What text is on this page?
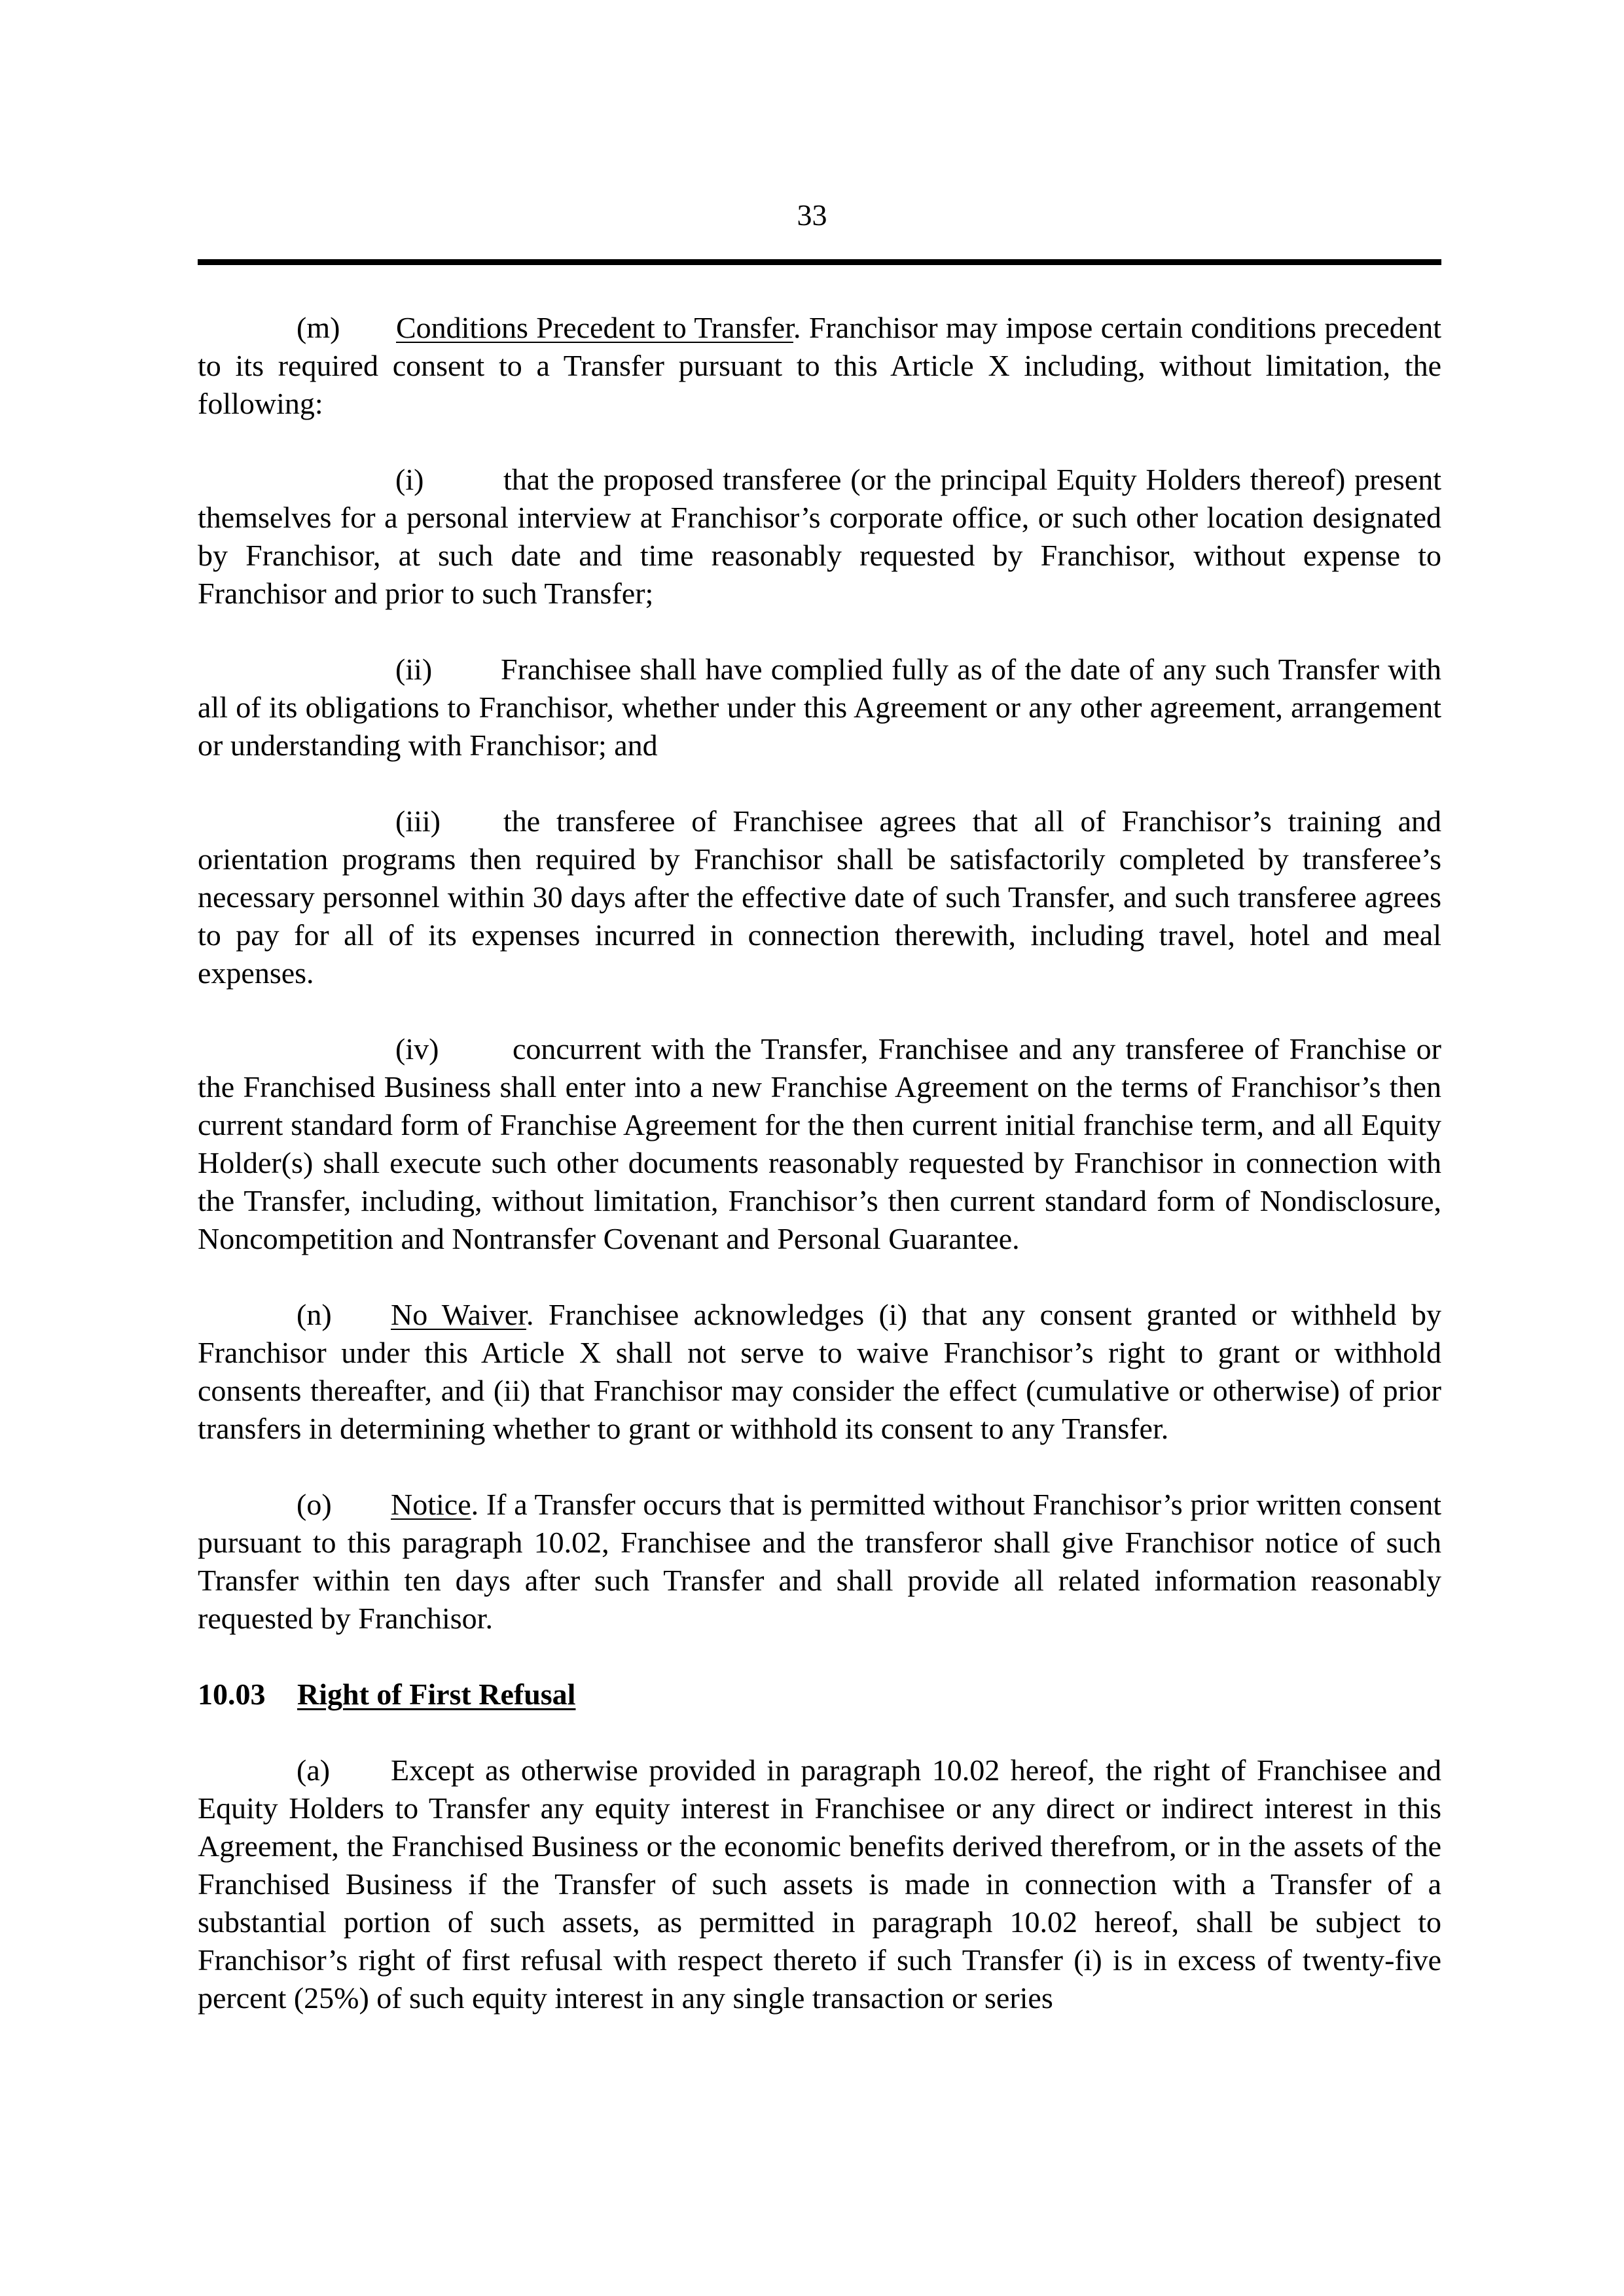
33

(m) Conditions Precedent to Transfer. Franchisor may impose certain conditions precedent to its required consent to a Transfer pursuant to this Article X including, without limitation, the following:

(i)	that the proposed transferee (or the principal Equity Holders thereof) present themselves for a personal interview at Franchisor’s corporate office, or such other location designated by Franchisor, at such date and time reasonably requested by Franchisor, without expense to Franchisor and prior to such Transfer;

(ii) Franchisee shall have complied fully as of the date of any such Transfer with all of its obligations to Franchisor, whether under this Agreement or any other agreement, arrangement or understanding with Franchisor; and

(iii) the transferee of Franchisee agrees that all of Franchisor’s training and orientation programs then required by Franchisor shall be satisfactorily completed by transferee’s necessary personnel within 30 days after the effective date of such Transfer, and such transferee agrees to pay for all of its expenses incurred in connection therewith, including travel, hotel and meal expenses.

(iv) concurrent with the Transfer, Franchisee and any transferee of Franchise or the Franchised Business shall enter into a new Franchise Agreement on the terms of Franchisor’s then current standard form of Franchise Agreement for the then current initial franchise term, and all Equity Holder(s) shall execute such other documents reasonably requested by Franchisor in connection with the Transfer, including, without limitation, Franchisor’s then current standard form of Nondisclosure, Noncompetition and Nontransfer Covenant and Personal Guarantee.

(n) No Waiver. Franchisee acknowledges (i) that any consent granted or withheld by Franchisor under this Article X shall not serve to waive Franchisor’s right to grant or withhold consents thereafter, and (ii) that Franchisor may consider the effect (cumulative or otherwise) of prior transfers in determining whether to grant or withhold its consent to any Transfer.

(o) Notice. If a Transfer occurs that is permitted without Franchisor’s prior written consent pursuant to this paragraph 10.02, Franchisee and the transferor shall give Franchisor notice of such Transfer within ten days after such Transfer and shall provide all related information reasonably requested by Franchisor.

10.03 Right of First Refusal

(a) Except as otherwise provided in paragraph 10.02 hereof, the right of Franchisee and Equity Holders to Transfer any equity interest in Franchisee or any direct or indirect interest in this Agreement, the Franchised Business or the economic benefits derived therefrom, or in the assets of the Franchised Business if the Transfer of such assets is made in connection with a Transfer of a substantial portion of such assets, as permitted in paragraph 10.02 hereof, shall be subject to Franchisor’s right of first refusal with respect thereto if such Transfer (i) is in excess of twenty-five percent (25%) of such equity interest in any single transaction or series
